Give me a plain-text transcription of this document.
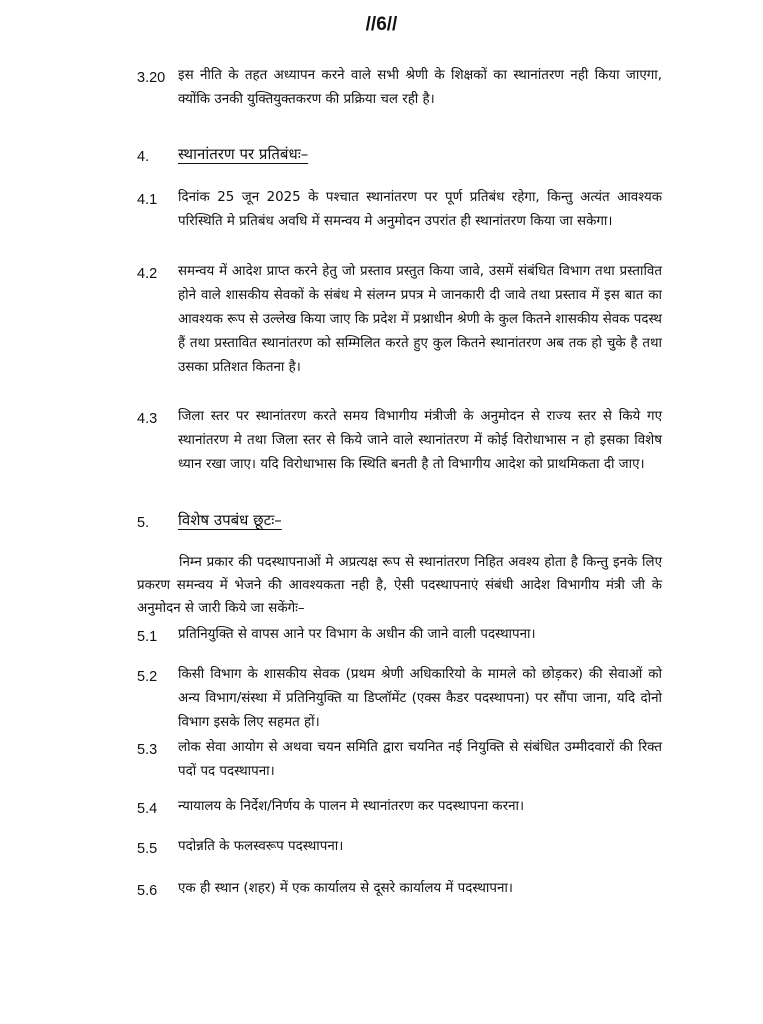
//6//
3.20 इस नीति के तहत अध्यापन करने वाले सभी श्रेणी के शिक्षकों का स्थानांतरण नही किया जाएगा, क्योंकि उनकी युक्तियुक्तकरण की प्रक्रिया चल रही है।
4. स्थानांतरण पर प्रतिबंधः–
4.1 दिनांक 25 जून 2025 के पश्चात स्थानांतरण पर पूर्ण प्रतिबंध रहेगा, किन्तु अत्यंत आवश्यक परिस्थिति मे प्रतिबंध अवधि में समन्वय मे अनुमोदन उपरांत ही स्थानांतरण किया जा सकेगा।
4.2 समन्वय में आदेश प्राप्त करने हेतु जो प्रस्ताव प्रस्तुत किया जावे, उसमें संबंधित विभाग तथा प्रस्तावित होने वाले शासकीय सेवकों के संबंध मे संलग्न प्रपत्र मे जानकारी दी जावे तथा प्रस्ताव में इस बात का आवश्यक रूप से उल्लेख किया जाए कि प्रदेश में प्रश्नाधीन श्रेणी के कुल कितने शासकीय सेवक पदस्थ हैं तथा प्रस्तावित स्थानांतरण को सम्मिलित करते हुए कुल कितने स्थानांतरण अब तक हो चुके है तथा उसका प्रतिशत कितना है।
4.3 जिला स्तर पर स्थानांतरण करते समय विभागीय मंत्रीजी के अनुमोदन से राज्य स्तर से किये गए स्थानांतरण मे तथा जिला स्तर से किये जाने वाले स्थानांतरण में कोई विरोधाभास न हो इसका विशेष ध्यान रखा जाए। यदि विरोधाभास कि स्थिति बनती है तो विभागीय आदेश को प्राथमिकता दी जाए।
5. विशेष उपबंध छूटः–
निम्न प्रकार की पदस्थापनाओं मे अप्रत्यक्ष रूप से स्थानांतरण निहित अवश्य होता है किन्तु इनके लिए प्रकरण समन्वय में भेजने की आवश्यकता नही है, ऐसी पदस्थापनाएं संबंधी आदेश विभागीय मंत्री जी के अनुमोदन से जारी किये जा सकेंगेः–
5.1 प्रतिनियुक्ति से वापस आने पर विभाग के अधीन की जाने वाली पदस्थापना।
5.2 किसी विभाग के शासकीय सेवक (प्रथम श्रेणी अधिकारियो के मामले को छोड़कर) की सेवाओं को अन्य विभाग/संस्था में प्रतिनियुक्ति या डिप्लॉमेंट (एक्स कैडर पदस्थापना) पर सौंपा जाना, यदि दोनो विभाग इसके लिए सहमत हों।
5.3 लोक सेवा आयोग से अथवा चयन समिति द्वारा चयनित नई नियुक्ति से संबंधित उम्मीदवारों की रिक्त पदों पद पदस्थापना।
5.4 न्यायालय के निर्देश/निर्णय के पालन मे स्थानांतरण कर पदस्थापना करना।
5.5 पदोन्नति के फलस्वरूप पदस्थापना।
5.6 एक ही स्थान (शहर) में एक कार्यालय से दूसरे कार्यालय में पदस्थापना।
